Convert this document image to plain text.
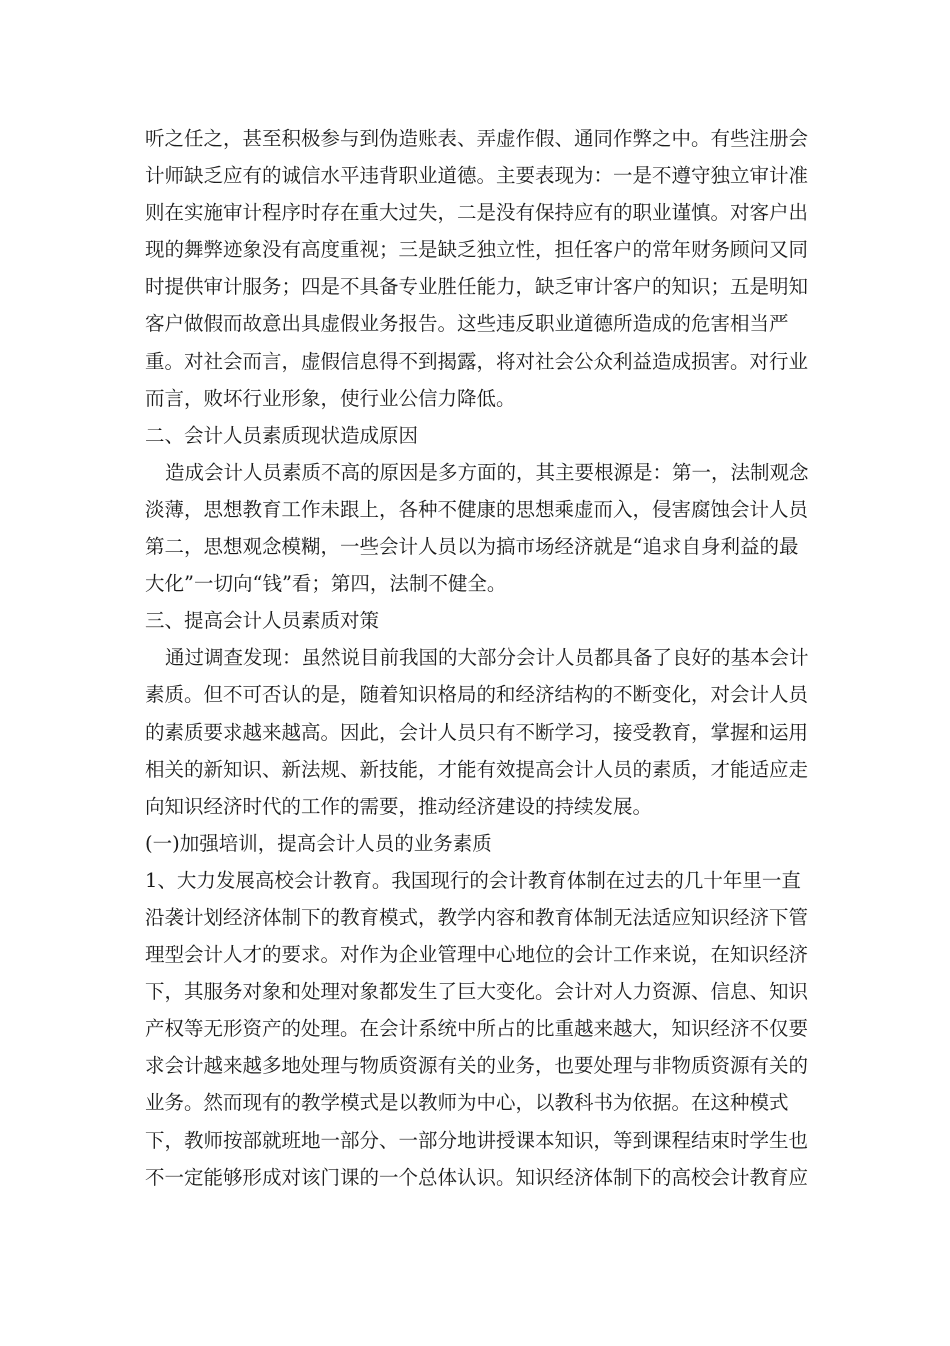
听之任之，甚至积极参与到伪造账表、弄虚作假、通同作弊之中。有些注册会
计师缺乏应有的诚信水平违背职业道德。主要表现为：一是不遵守独立审计准
则在实施审计程序时存在重大过失，二是没有保持应有的职业谨慎。对客户出
现的舞弊迹象没有高度重视；三是缺乏独立性，担任客户的常年财务顾问又同
时提供审计服务；四是不具备专业胜任能力，缺乏审计客户的知识；五是明知
客户做假而故意出具虚假业务报告。这些违反职业道德所造成的危害相当严
重。对社会而言，虚假信息得不到揭露，将对社会公众利益造成损害。对行业
而言，败坏行业形象，使行业公信力降低。
二、会计人员素质现状造成原因
造成会计人员素质不高的原因是多方面的，其主要根源是：第一，法制观念
淡薄，思想教育工作未跟上，各种不健康的思想乘虚而入，侵害腐蚀会计人员
第二，思想观念模糊，一些会计人员以为搞市场经济就是“追求自身利益的最
大化”一切向“钱”看；第四，法制不健全。
三、提高会计人员素质对策
通过调查发现：虽然说目前我国的大部分会计人员都具备了良好的基本会计
素质。但不可否认的是，随着知识格局的和经济结构的不断变化，对会计人员
的素质要求越来越高。因此，会计人员只有不断学习，接受教育，掌握和运用
相关的新知识、新法规、新技能，才能有效提高会计人员的素质，才能适应走
向知识经济时代的工作的需要，推动经济建设的持续发展。
(一)加强培训，提高会计人员的业务素质
1、大力发展高校会计教育。我国现行的会计教育体制在过去的几十年里一直
沿袭计划经济体制下的教育模式，教学内容和教育体制无法适应知识经济下管
理型会计人才的要求。对作为企业管理中心地位的会计工作来说，在知识经济
下，其服务对象和处理对象都发生了巨大变化。会计对人力资源、信息、知识
产权等无形资产的处理。在会计系统中所占的比重越来越大，知识经济不仅要
求会计越来越多地处理与物质资源有关的业务，也要处理与非物质资源有关的
业务。然而现有的教学模式是以教师为中心，以教科书为依据。在这种模式
下，教师按部就班地一部分、一部分地讲授课本知识，等到课程结束时学生也
不一定能够形成对该门课的一个总体认识。知识经济体制下的高校会计教育应
